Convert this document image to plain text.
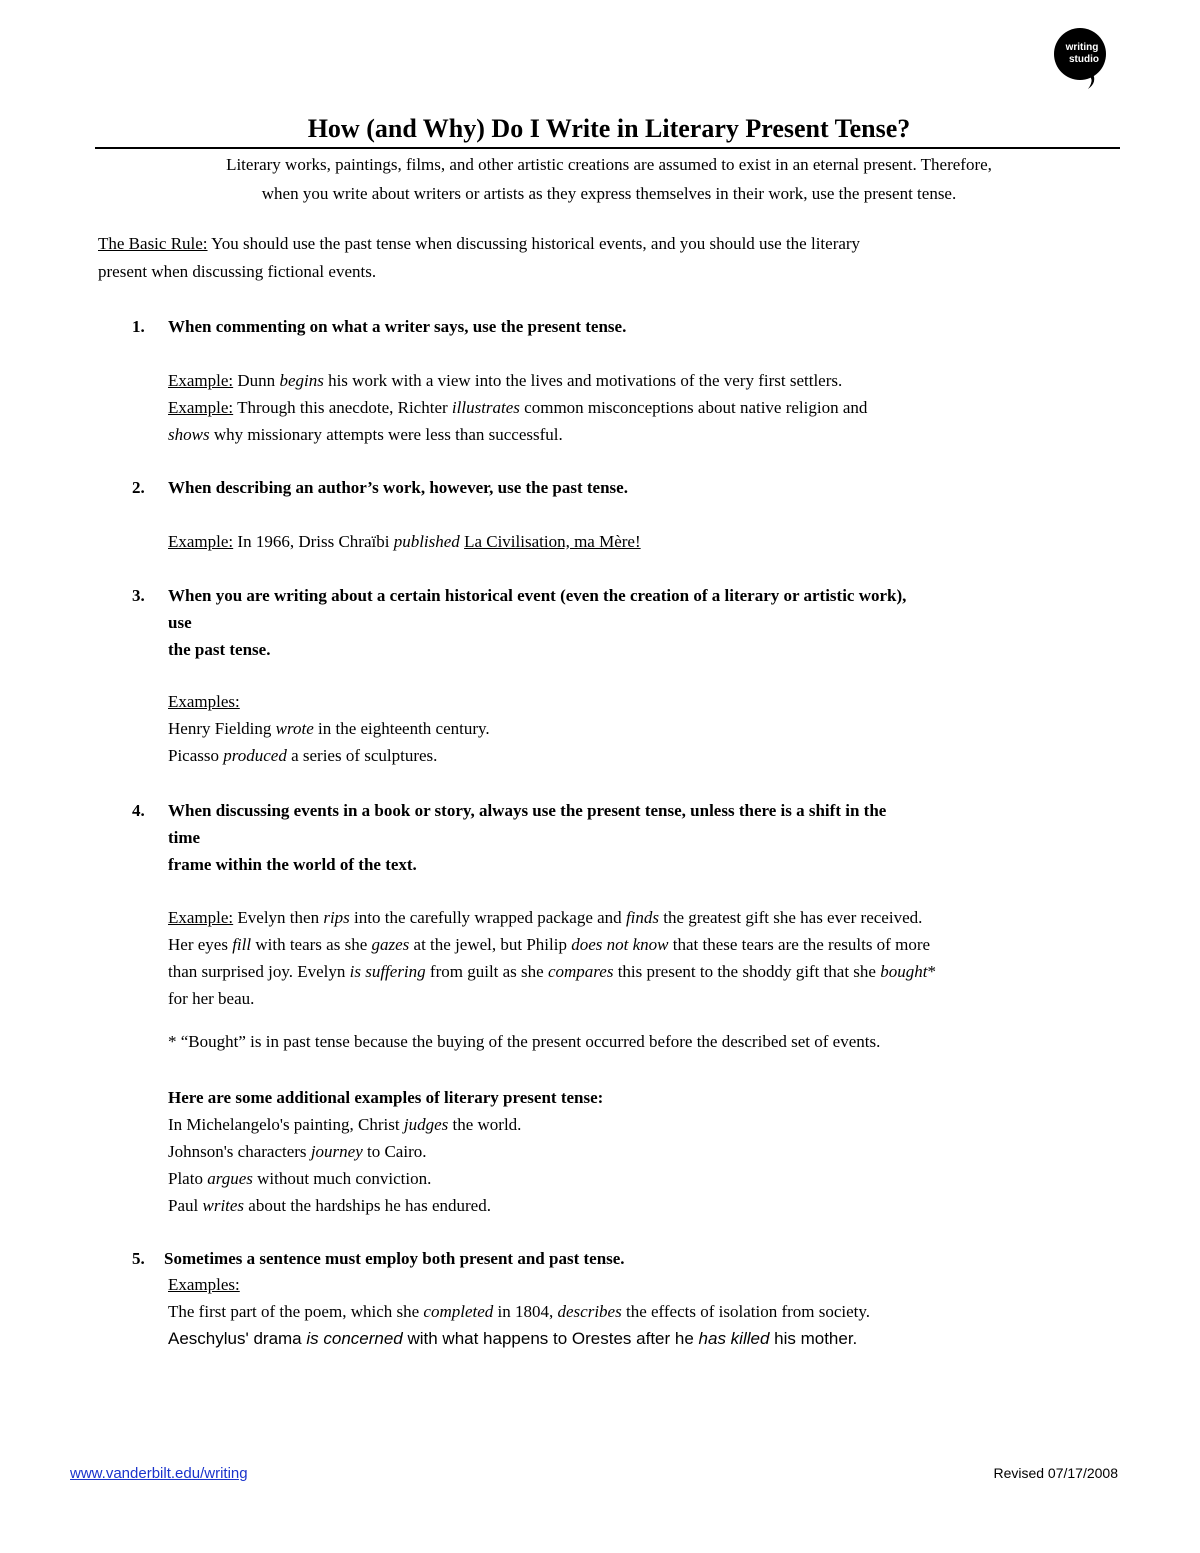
writing
studio
How (and Why) Do I Write in Literary Present Tense?
Literary works, paintings, films, and other artistic creations are assumed to exist in an eternal present. Therefore,
when you write about writers or artists as they express themselves in their work, use the present tense.
The Basic Rule: You should use the past tense when discussing historical events, and you should use the literary
present when discussing fictional events.
1. When commenting on what a writer says, use the present tense.
Example: Dunn begins his work with a view into the lives and motivations of the very first settlers.
Example: Through this anecdote, Richter illustrates common misconceptions about native religion and
shows why missionary attempts were less than successful.
2. When describing an author’s work, however, use the past tense.
Example: In 1966, Driss Chraïbi published La Civilisation, ma Mère!
3. When you are writing about a certain historical event (even the creation of a literary or artistic work),
use
the past tense.
Examples:
Henry Fielding wrote in the eighteenth century.
Picasso produced a series of sculptures.
4. When discussing events in a book or story, always use the present tense, unless there is a shift in the
time
frame within the world of the text.
Example: Evelyn then rips into the carefully wrapped package and finds the greatest gift she has ever received.
Her eyes fill with tears as she gazes at the jewel, but Philip does not know that these tears are the results of more
than surprised joy. Evelyn is suffering from guilt as she compares this present to the shoddy gift that she bought*
for her beau.
* “Bought” is in past tense because the buying of the present occurred before the described set of events.
Here are some additional examples of literary present tense:
In Michelangelo's painting, Christ judges the world.
Johnson's characters journey to Cairo.
Plato argues without much conviction.
Paul writes about the hardships he has endured.
5. Sometimes a sentence must employ both present and past tense.
Examples:
The first part of the poem, which she completed in 1804, describes the effects of isolation from society.
Aeschylus' drama is concerned with what happens to Orestes after he has killed his mother.
www.vanderbilt.edu/writing	Revised 07/17/2008
